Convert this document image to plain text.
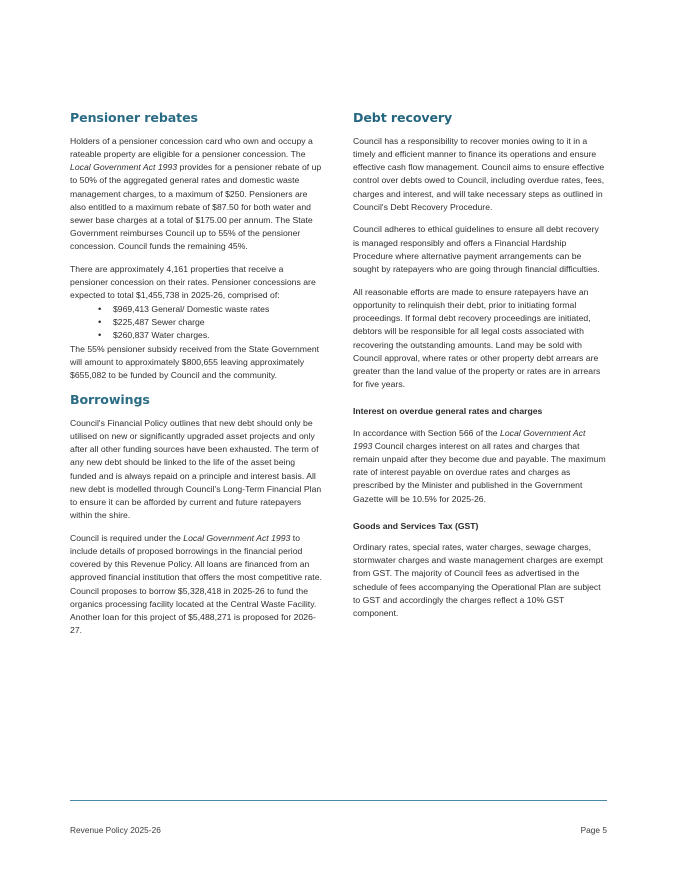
Pensioner rebates

Holders of a pensioner concession card who own and occupy a rateable property are eligible for a pensioner concession. The Local Government Act 1993 provides for a pensioner rebate of up to 50% of the aggregated general rates and domestic waste management charges, to a maximum of $250. Pensioners are also entitled to a maximum rebate of $87.50 for both water and sewer base charges at a total of $175.00 per annum. The State Government reimburses Council up to 55% of the pensioner concession. Council funds the remaining 45%.

There are approximately 4,161 properties that receive a pensioner concession on their rates. Pensioner concessions are expected to total $1,455,738 in 2025-26, comprised of:

• $969,413 General/ Domestic waste rates
• $225,487 Sewer charge
• $260,837 Water charges.

The 55% pensioner subsidy received from the State Government will amount to approximately $800,655 leaving approximately $655,082 to be funded by Council and the community.

Borrowings

Council's Financial Policy outlines that new debt should only be utilised on new or significantly upgraded asset projects and only after all other funding sources have been exhausted. The term of any new debt should be linked to the life of the asset being funded and is always repaid on a principle and interest basis. All new debt is modelled through Council's Long-Term Financial Plan to ensure it can be afforded by current and future ratepayers within the shire.

Council is required under the Local Government Act 1993 to include details of proposed borrowings in the financial period covered by this Revenue Policy. All loans are financed from an approved financial institution that offers the most competitive rate. Council proposes to borrow $5,328,418 in 2025-26 to fund the organics processing facility located at the Central Waste Facility. Another loan for this project of $5,488,271 is proposed for 2026-27.

Debt recovery

Council has a responsibility to recover monies owing to it in a timely and efficient manner to finance its operations and ensure effective cash flow management. Council aims to ensure effective control over debts owed to Council, including overdue rates, fees, charges and interest, and will take necessary steps as outlined in Council's Debt Recovery Procedure.

Council adheres to ethical guidelines to ensure all debt recovery is managed responsibly and offers a Financial Hardship Procedure where alternative payment arrangements can be sought by ratepayers who are going through financial difficulties.

All reasonable efforts are made to ensure ratepayers have an opportunity to relinquish their debt, prior to initiating formal proceedings. If formal debt recovery proceedings are initiated, debtors will be responsible for all legal costs associated with recovering the outstanding amounts. Land may be sold with Council approval, where rates or other property debt arrears are greater than the land value of the property or rates are in arrears for five years.

Interest on overdue general rates and charges

In accordance with Section 566 of the Local Government Act 1993 Council charges interest on all rates and charges that remain unpaid after they become due and payable. The maximum rate of interest payable on overdue rates and charges as prescribed by the Minister and published in the Government Gazette will be 10.5% for 2025-26.

Goods and Services Tax (GST)

Ordinary rates, special rates, water charges, sewage charges, stormwater charges and waste management charges are exempt from GST. The majority of Council fees as advertised in the schedule of fees accompanying the Operational Plan are subject to GST and accordingly the charges reflect a 10% GST component.

Revenue Policy 2025-26	Page 5
